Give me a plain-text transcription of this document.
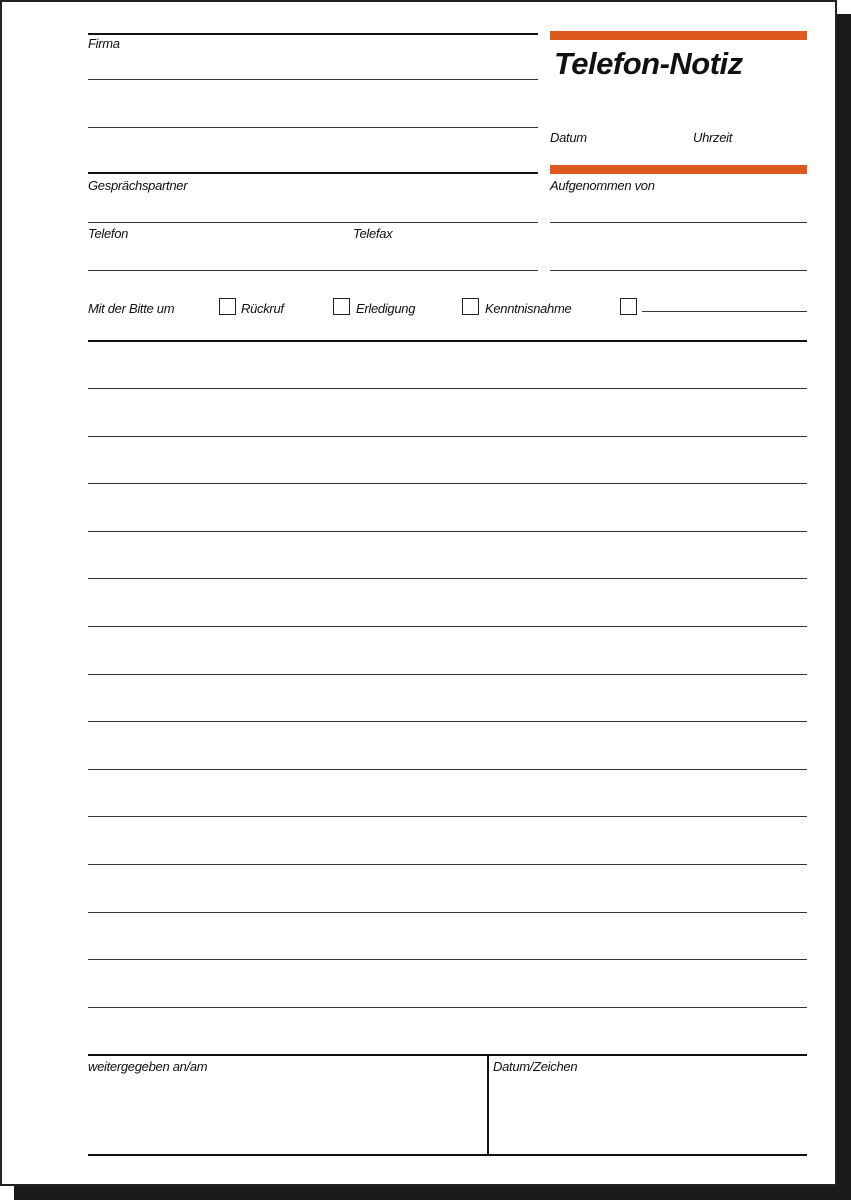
Firma
Telefon-Notiz
Datum	Uhrzeit
Gesprächspartner	Aufgenommen von
Telefon	Telefax
Mit der Bitte um	Rückruf	Erledigung	Kenntnisnahme
weitergegeben an/am	Datum/Zeichen
